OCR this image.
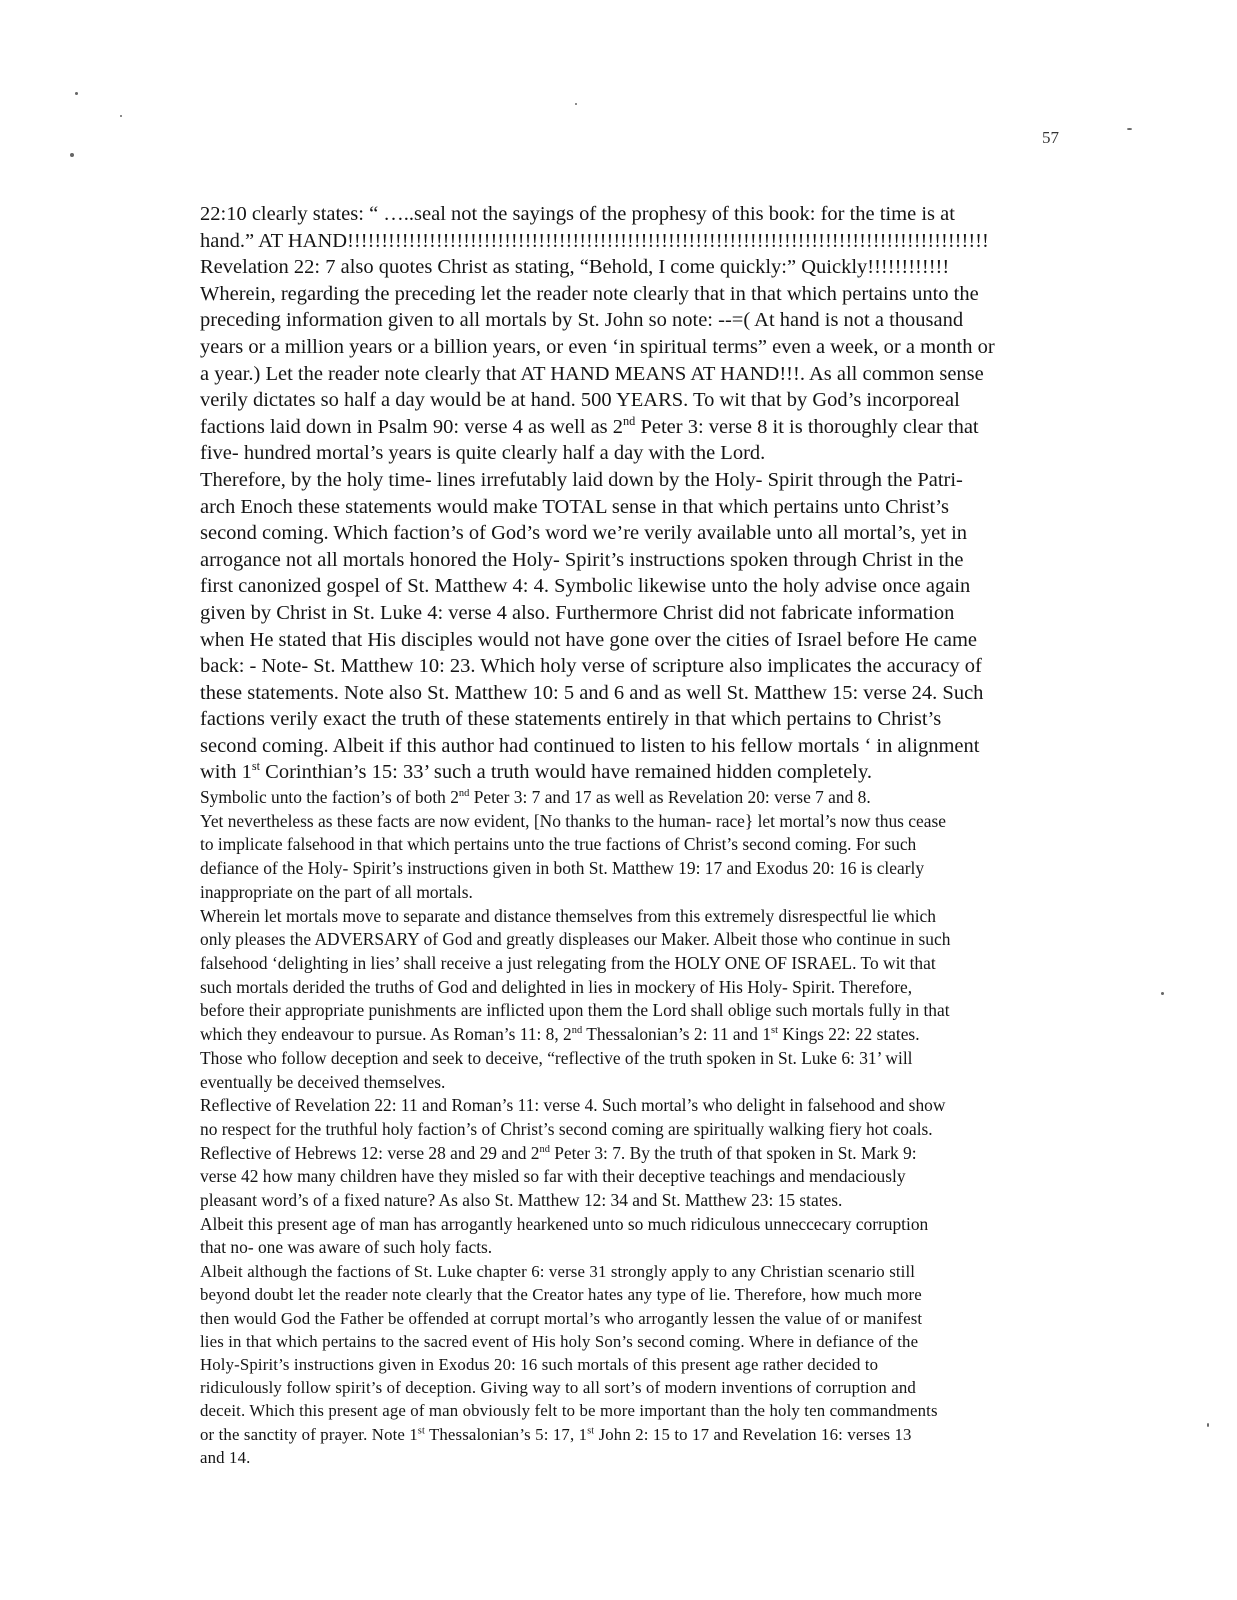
57
22:10 clearly states: “ …..seal not the sayings of the prophesy of this book: for the time is at
hand.” AT HAND!!!!!!!!!!!!!!!!!!!!!!!!!!!!!!!!!!!!!!!!!!!!!!!!!!!!!!!!!!!!!!!!!!!!!!!!!!!!!!!!!!!!!!!!!!!!!!
Revelation 22: 7 also quotes Christ as stating, “Behold, I come quickly:” Quickly!!!!!!!!!!!!
Wherein, regarding the preceding let the reader note clearly that in that which pertains unto the
preceding information given to all mortals by St. John so note: --=( At hand is not a thousand
years or a million years or a billion years, or even ‘in spiritual terms” even a week, or a month or
a year.) Let the reader note clearly that AT HAND MEANS AT HAND!!!. As all common sense
verily dictates so half a day would be at hand. 500 YEARS. To wit that by God’s incorporeal
factions laid down in Psalm 90: verse 4 as well as 2nd Peter 3: verse 8 it is thoroughly clear that
five- hundred mortal’s years is quite clearly half a day with the Lord.
Therefore, by the holy time- lines irrefutably laid down by the Holy- Spirit through the Patri-
arch Enoch these statements would make TOTAL sense in that which pertains unto Christ’s
second coming. Which faction’s of God’s word we’re verily available unto all mortal’s, yet in
arrogance not all mortals honored the Holy- Spirit’s instructions spoken through Christ in the
first canonized gospel of St. Matthew 4: 4. Symbolic likewise unto the holy advise once again
given by Christ in St. Luke 4: verse 4 also. Furthermore Christ did not fabricate information
when He stated that His disciples would not have gone over the cities of Israel before He came
back: - Note- St. Matthew 10: 23. Which holy verse of scripture also implicates the accuracy of
these statements. Note also St. Matthew 10: 5 and 6 and as well St. Matthew 15: verse 24. Such
factions verily exact the truth of these statements entirely in that which pertains to Christ’s
second coming. Albeit if this author had continued to listen to his fellow mortals ‘ in alignment
with 1st Corinthian’s 15: 33’ such a truth would have remained hidden completely.
Symbolic unto the faction’s of both 2nd Peter 3: 7 and 17 as well as Revelation 20: verse 7 and 8.
Yet nevertheless as these facts are now evident, [No thanks to the human- race} let mortal’s now thus cease
to implicate falsehood in that which pertains unto the true factions of Christ’s second coming. For such
defiance of the Holy- Spirit’s instructions given in both St. Matthew 19: 17 and Exodus 20: 16 is clearly
inappropriate on the part of all mortals.
Wherein let mortals move to separate and distance themselves from this extremely disrespectful lie which
only pleases the ADVERSARY of God and greatly displeases our Maker. Albeit those who continue in such
falsehood ‘delighting in lies’ shall receive a just relegating from the HOLY ONE OF ISRAEL. To wit that
such mortals derided the truths of God and delighted in lies in mockery of His Holy- Spirit. Therefore,
before their appropriate punishments are inflicted upon them the Lord shall oblige such mortals fully in that
which they endeavour to pursue. As Roman’s 11: 8, 2nd Thessalonian’s 2: 11 and 1st Kings 22: 22 states.
Those who follow deception and seek to deceive, “reflective of the truth spoken in St. Luke 6: 31’ will
eventually be deceived themselves.
Reflective of Revelation 22: 11 and Roman’s 11: verse 4. Such mortal’s who delight in falsehood and show
no respect for the truthful holy faction’s of Christ’s second coming are spiritually walking fiery hot coals.
Reflective of Hebrews 12: verse 28 and 29 and 2nd Peter 3: 7. By the truth of that spoken in St. Mark 9:
verse 42 how many children have they misled so far with their deceptive teachings and mendaciously
pleasant word’s of a fixed nature? As also St. Matthew 12: 34 and St. Matthew 23: 15 states.
Albeit this present age of man has arrogantly hearkened unto so much ridiculous unneccecary corruption
that no- one was aware of such holy facts.
Albeit although the factions of St. Luke chapter 6: verse 31 strongly apply to any Christian scenario still
beyond doubt let the reader note clearly that the Creator hates any type of lie. Therefore, how much more
then would God the Father be offended at corrupt mortal’s who arrogantly lessen the value of or manifest
lies in that which pertains to the sacred event of His holy Son’s second coming. Where in defiance of the
Holy-Spirit’s instructions given in Exodus 20: 16 such mortals of this present age rather decided to
ridiculously follow spirit’s of deception. Giving way to all sort’s of modern inventions of corruption and
deceit. Which this present age of man obviously felt to be more important than the holy ten commandments
or the sanctity of prayer. Note 1st Thessalonian’s 5: 17, 1st John 2: 15 to 17 and Revelation 16: verses 13
and 14.
